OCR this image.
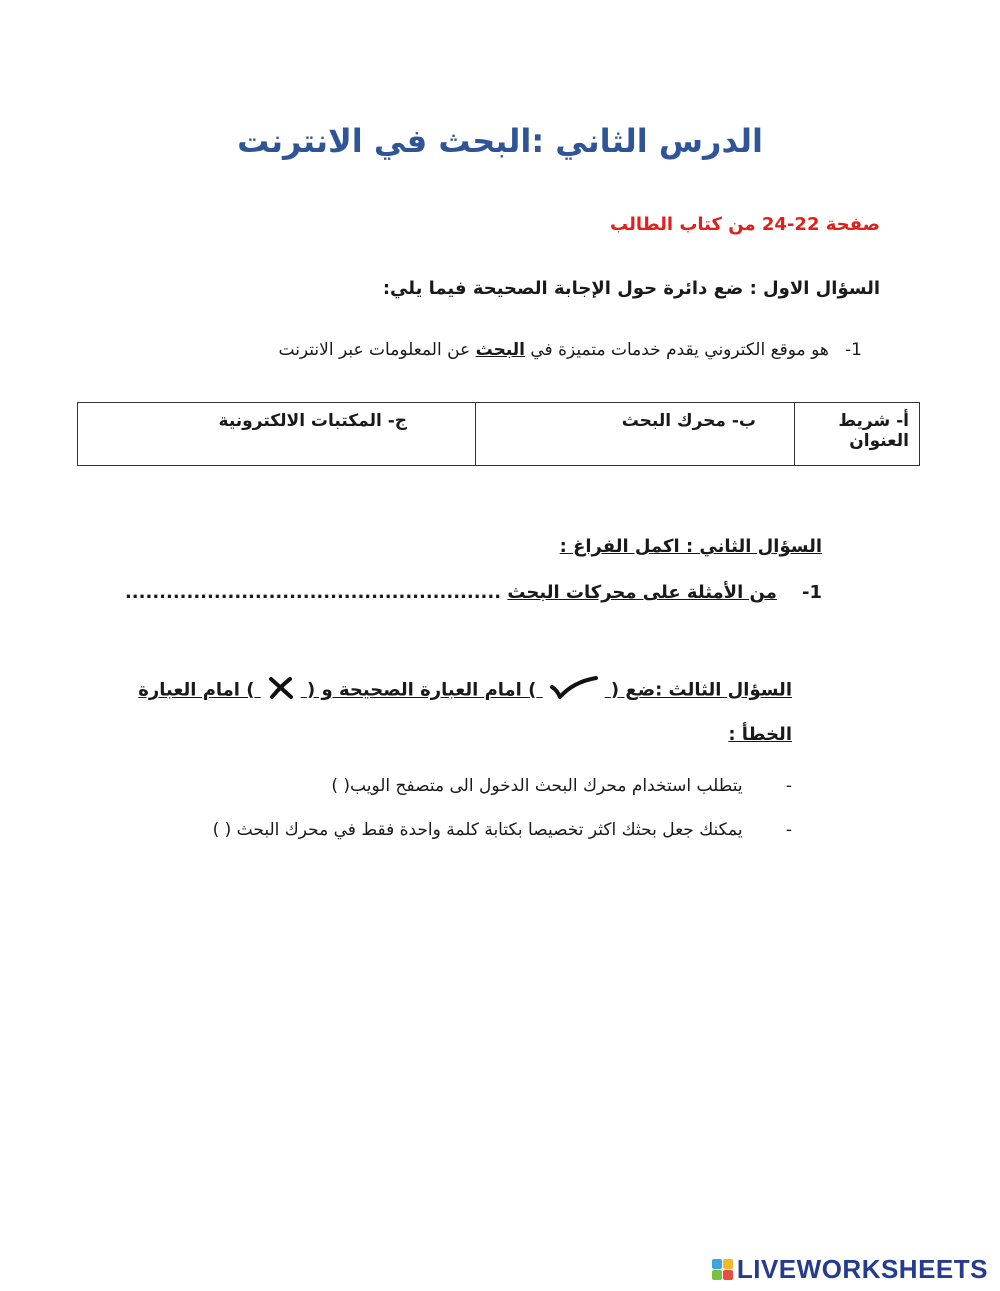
الدرس الثاني :البحث في الانترنت
صفحة 22-24 من كتاب الطالب
السؤال الاول : ضع دائرة حول الإجابة الصحيحة فيما يلي:
1-   هو موقع الكتروني يقدم خدمات متميزة في البحث عن المعلومات عبر الانترنت
أ- شريط العنوان	ب- محرك البحث	ج- المكتبات الالكترونية
السؤال الثاني : اكمل الفراغ :
1-    من الأمثلة على محركات البحث .......................................................
السؤال الثالث :ضع (  ) امام العبارة الصحيحة و (  ) امام العبارة
الخطأ :
-        يتطلب استخدام محرك البحث الدخول الى متصفح الويب( )
-        يمكنك جعل بحثك اكثر تخصيصا بكتابة كلمة واحدة فقط في محرك البحث ( )
LIVEWORKSHEETS
